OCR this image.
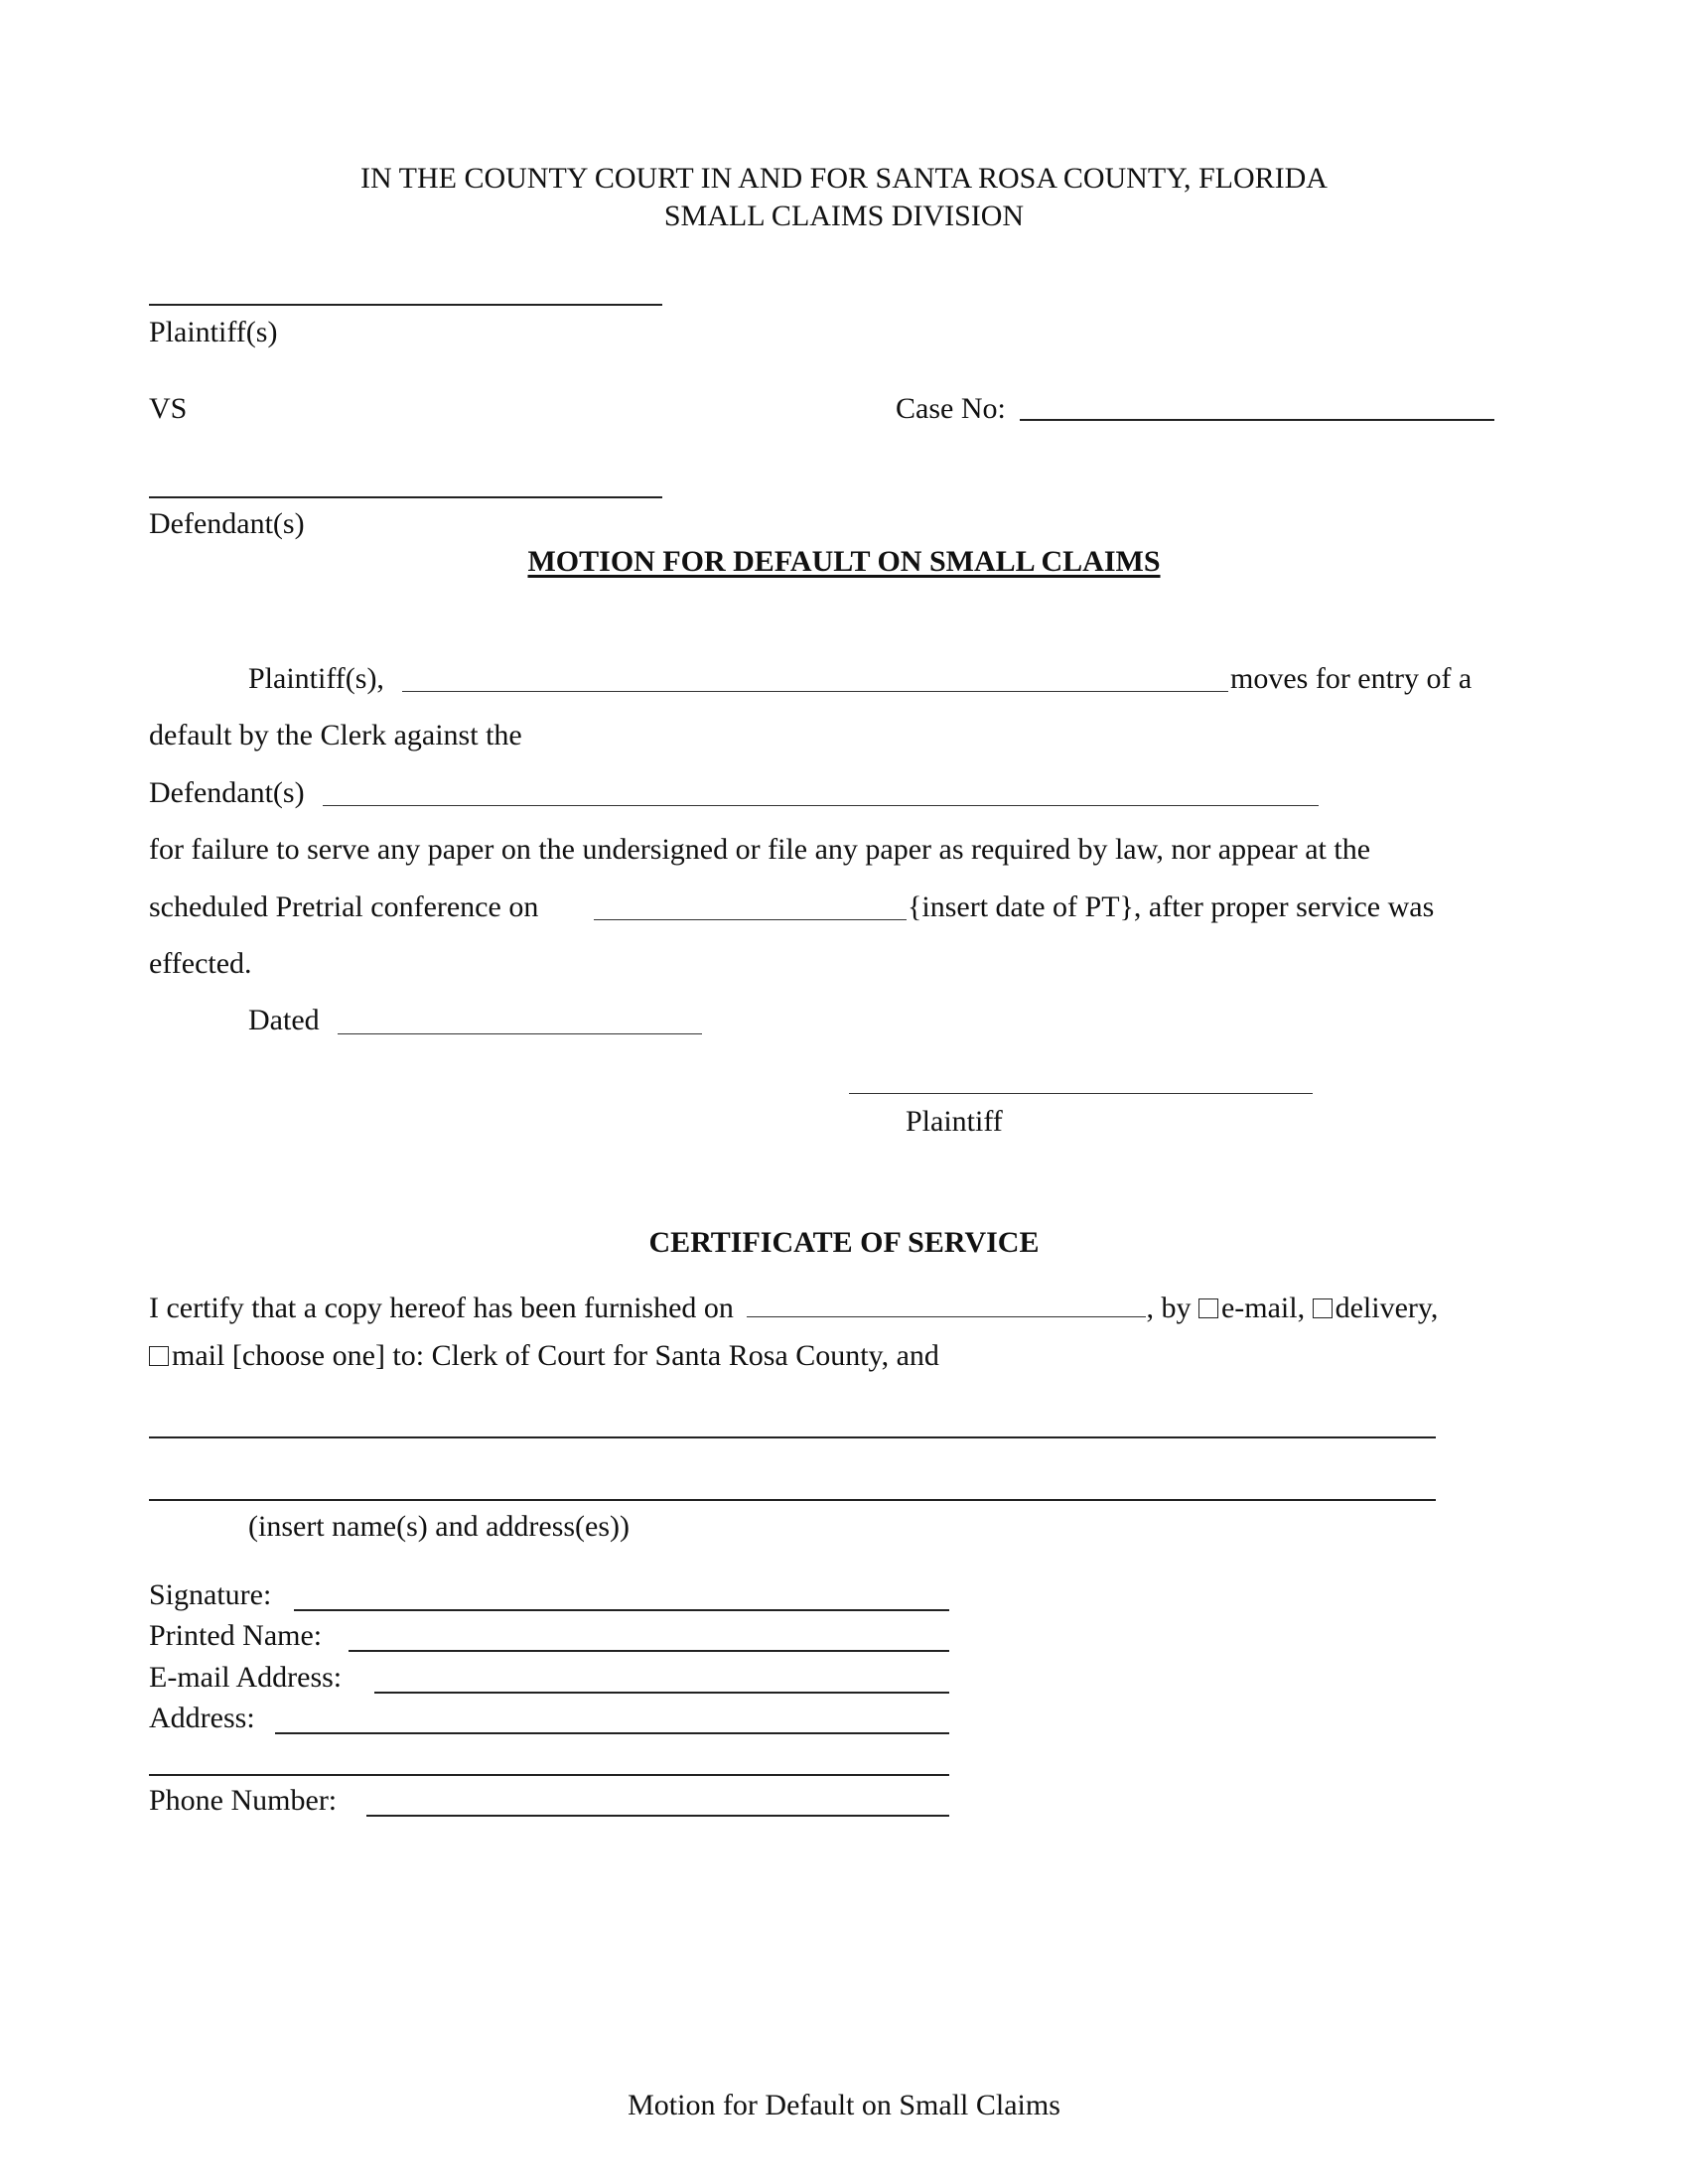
IN THE COUNTY COURT IN AND FOR SANTA ROSA COUNTY, FLORIDA
SMALL CLAIMS DIVISION
Plaintiff(s)
VS	Case No:
Defendant(s)
MOTION FOR DEFAULT ON SMALL CLAIMS
Plaintiff(s),	moves for entry of a
default by the Clerk against the
Defendant(s)
for failure to serve any paper on the undersigned or file any paper as required by law, nor appear at the
scheduled Pretrial conference on	{insert date of PT}, after proper service was
effected.
Dated
Plaintiff
CERTIFICATE OF SERVICE
I certify that a copy hereof has been furnished on	, by e-mail, delivery,
mail [choose one] to: Clerk of Court for Santa Rosa County, and
(insert name(s) and address(es))
Signature:
Printed Name:
E-mail Address:
Address:
Phone Number:
Motion for Default on Small Claims
